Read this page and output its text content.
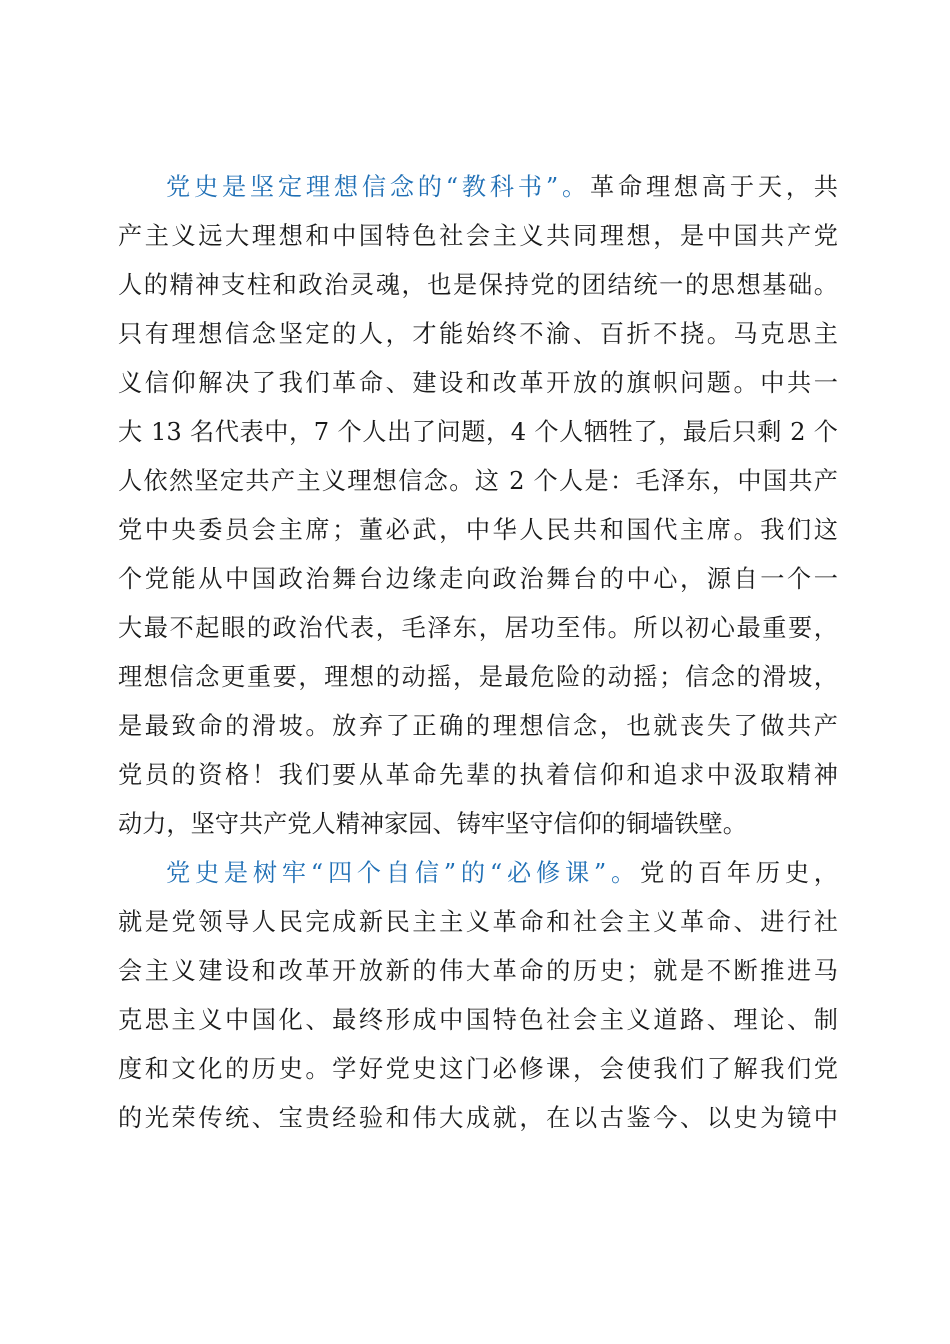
党史是坚定理想信念的“教科书”。革命理想高于天，共
产主义远大理想和中国特色社会主义共同理想，是中国共产党
人的精神支柱和政治灵魂，也是保持党的团结统一的思想基础。
只有理想信念坚定的人，才能始终不渝、百折不挠。马克思主
义信仰解决了我们革命、建设和改革开放的旗帜问题。中共一
大 13 名代表中，7 个人出了问题，4 个人牺牲了，最后只剩 2 个
人依然坚定共产主义理想信念。这 2 个人是：毛泽东，中国共产
党中央委员会主席；董必武，中华人民共和国代主席。我们这
个党能从中国政治舞台边缘走向政治舞台的中心，源自一个一
大最不起眼的政治代表，毛泽东，居功至伟。所以初心最重要，
理想信念更重要，理想的动摇，是最危险的动摇；信念的滑坡，
是最致命的滑坡。放弃了正确的理想信念，也就丧失了做共产
党员的资格！我们要从革命先辈的执着信仰和追求中汲取精神
动力，坚守共产党人精神家园、铸牢坚守信仰的铜墙铁壁。
党史是树牢“四个自信”的“必修课”。党的百年历史，
就是党领导人民完成新民主主义革命和社会主义革命、进行社
会主义建设和改革开放新的伟大革命的历史；就是不断推进马
克思主义中国化、最终形成中国特色社会主义道路、理论、制
度和文化的历史。学好党史这门必修课，会使我们了解我们党
的光荣传统、宝贵经验和伟大成就，在以古鉴今、以史为镜中
